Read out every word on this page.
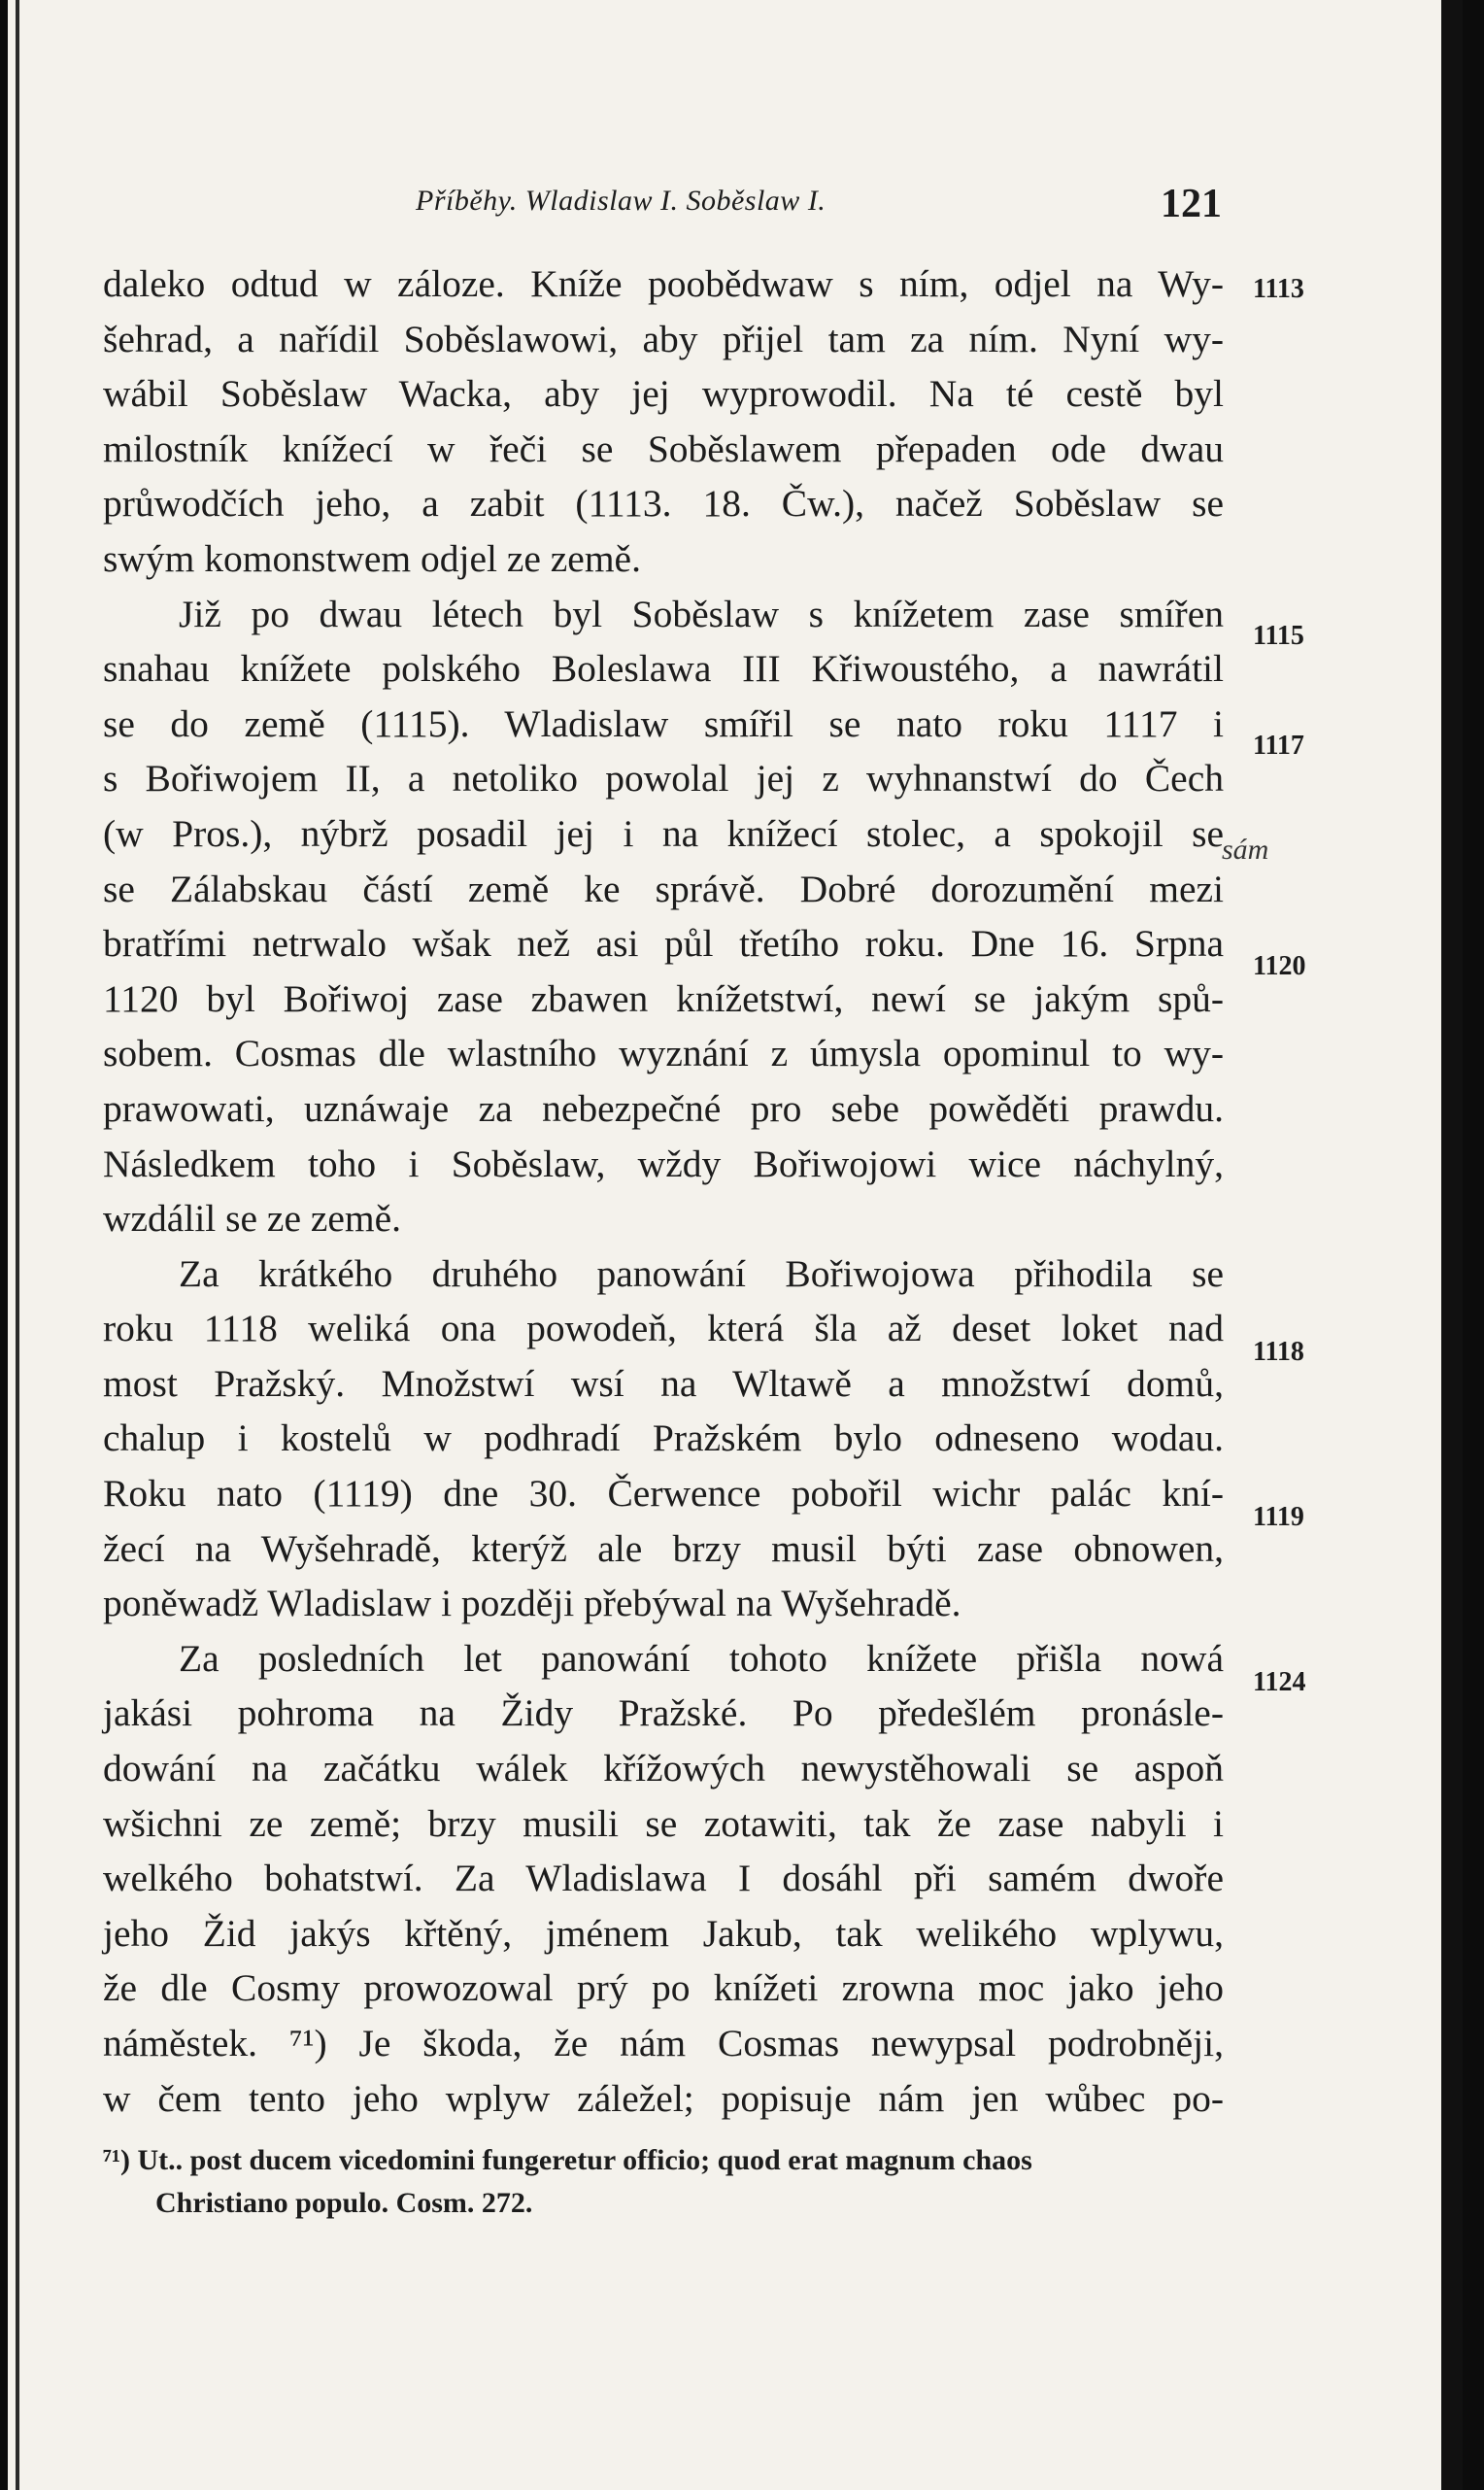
Příběhy. Wladislaw I. Soběslaw I.	121
daleko odtud w záloze. Kníže poobědwaw s ním, odjel na Wy-
šehrad, a nařídil Soběslawowi, aby přijel tam za ním. Nyní wy-
wábil Soběslaw Wacka, aby jej wyprowodil. Na té cestě byl
milostník knížecí w řeči se Soběslawem přepaden ode dwau
průwodčích jeho, a zabit (1113. 18. Čw.), načež Soběslaw se
swým komonstwem odjel ze země.
Již po dwau létech byl Soběslaw s knížetem zase smířen
snahau knížete polského Boleslawa III Křiwoustého, a nawrátil
se do země (1115). Wladislaw smířil se nato roku 1117 i
s Bořiwojem II, a netoliko powolal jej z wyhnanstwí do Čech
(w Pros.), nýbrž posadil jej i na knížecí stolec, a spokojil se
se Zálabskau částí země ke správě. Dobré dorozumění mezi
bratřími netrwalo wšak než asi půl třetího roku. Dne 16. Srpna
1120 byl Bořiwoj zase zbawen knížetstwí, newí se jakým spů-
sobem. Cosmas dle wlastního wyznání z úmysla opominul to wy-
prawowati, uznáwaje za nebezpečné pro sebe powěděti prawdu.
Následkem toho i Soběslaw, wždy Bořiwojowi wice náchylný,
wzdálil se ze země.
Za krátkého druhého panowání Bořiwojowa přihodila se
roku 1118 weliká ona powodeň, která šla až deset loket nad
most Pražský. Množstwí wsí na Wltawě a množstwí domů,
chalup i kostelů w podhradí Pražském bylo odneseno wodau.
Roku nato (1119) dne 30. Čerwence pobořil wichr palác kní-
žecí na Wyšehradě, kterýž ale brzy musil býti zase obnowen,
poněwadž Wladislaw i později přebýwal na Wyšehradě.
Za posledních let panowání tohoto knížete přišla nowá
jakási pohroma na Židy Pražské. Po předešlém pronásle-
dowání na začátku wálek křížowých newystěhowali se aspoň
wšichni ze země; brzy musili se zotawiti, tak že zase nabyli i
welkého bohatstwí. Za Wladislawa I dosáhl při samém dwoře
jeho Žid jakýs křtěný, jménem Jakub, tak welikého wplywu,
že dle Cosmy prowozowal prý po knížeti zrowna moc jako jeho
náměstek. ⁷¹) Je škoda, že nám Cosmas newypsal podrobněji,
w čem tento jeho wplyw záležel; popisuje nám jen wůbec po-
1113
1115
1117
1120
1118
1119
1124
sám
⁷¹) Ut.. post ducem vicedomini fungeretur officio; quod erat magnum chaos
Christiano populo. Cosm. 272.
